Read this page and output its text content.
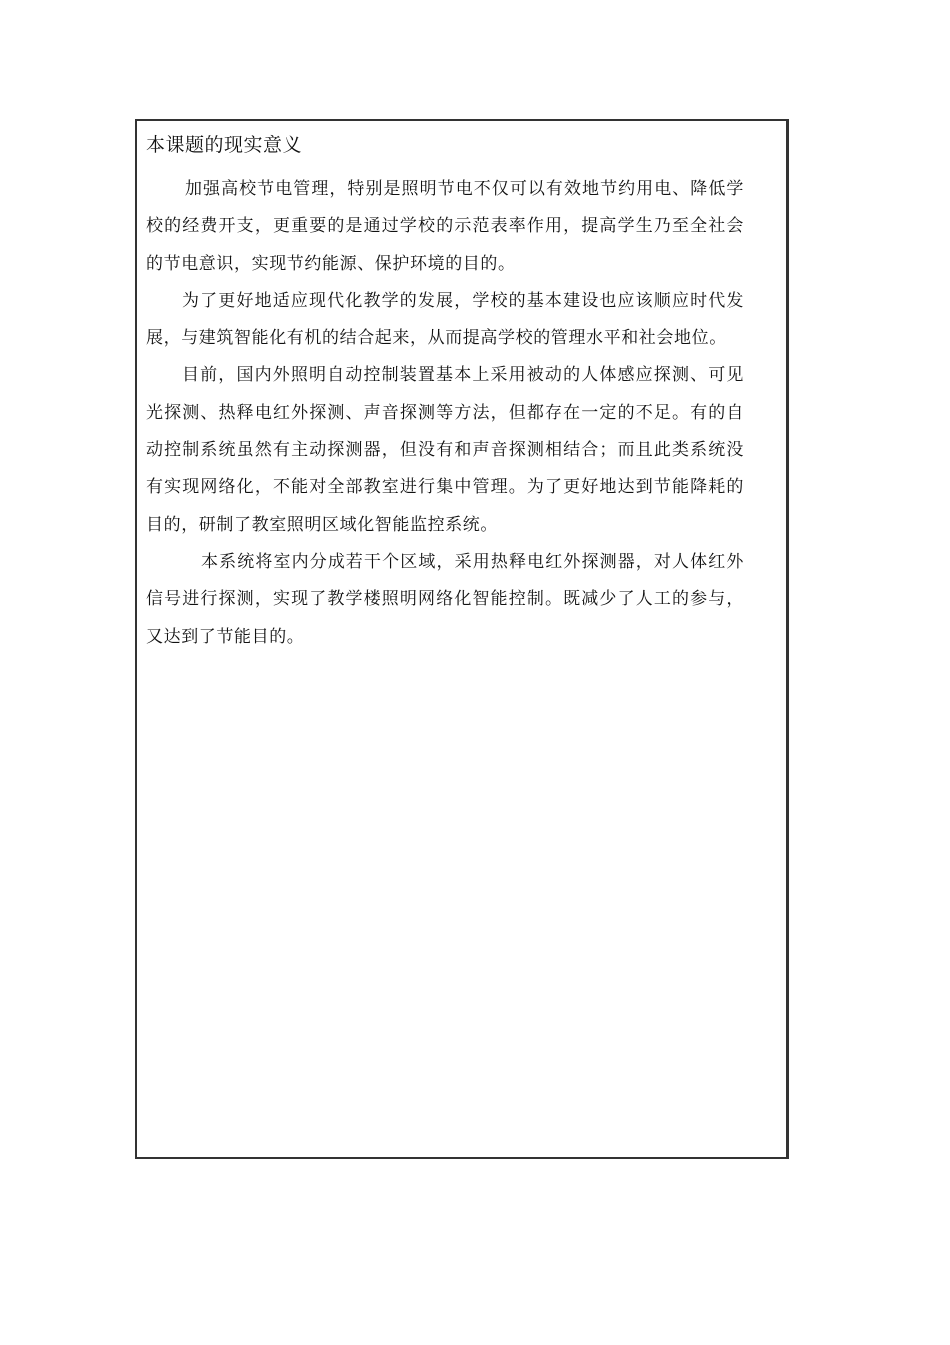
本课题的现实意义

加强高校节电管理，特别是照明节电不仅可以有效地节约用电、降低学校的经费开支，更重要的是通过学校的示范表率作用，提高学生乃至全社会的节电意识，实现节约能源、保护环境的目的。

为了更好地适应现代化教学的发展，学校的基本建设也应该顺应时代发展，与建筑智能化有机的结合起来，从而提高学校的管理水平和社会地位。

目前，国内外照明自动控制装置基本上采用被动的人体感应探测、可见光探测、热释电红外探测、声音探测等方法，但都存在一定的不足。有的自动控制系统虽然有主动探测器，但没有和声音探测相结合；而且此类系统没有实现网络化，不能对全部教室进行集中管理。为了更好地达到节能降耗的目的，研制了教室照明区域化智能监控系统。

本系统将室内分成若干个区域，采用热释电红外探测器，对人体红外信号进行探测，实现了教学楼照明网络化智能控制。既减少了人工的参与，又达到了节能目的。
